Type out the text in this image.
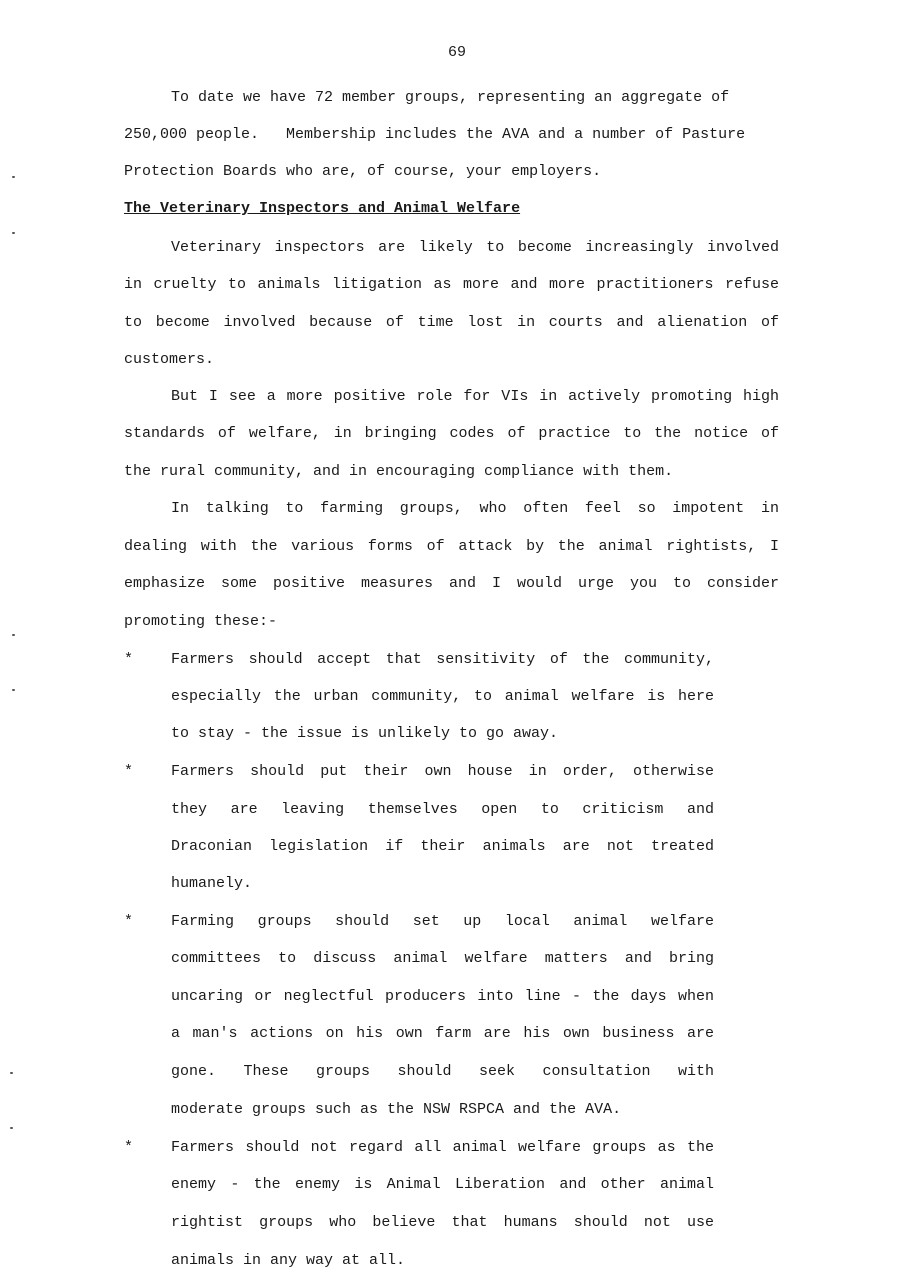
69
To date we have 72 member groups, representing an aggregate of
250,000 people.   Membership includes the AVA and a number of Pasture
Protection Boards who are, of course, your employers.
The Veterinary Inspectors and Animal Welfare
Veterinary inspectors are likely to become increasingly involved
in cruelty to animals litigation as more and more practitioners refuse
to become involved because of time lost in courts and alienation of
customers.
But I see a more positive role for VIs in actively promoting high
standards of welfare, in bringing codes of practice to the notice of
the rural community, and in encouraging compliance with them.
In talking to farming groups, who often feel so impotent in
dealing with the various forms of attack by the animal rightists, I
emphasize some positive measures and I would urge you to consider
promoting these:-
*	Farmers should accept that sensitivity of the community,
especially the urban community, to animal welfare is here
to stay - the issue is unlikely to go away.
*	Farmers should put their own house in order, otherwise
they are leaving themselves open to criticism and
Draconian legislation if their animals are not treated
humanely.
*	Farming groups should set up local animal welfare
committees to discuss animal welfare matters and bring
uncaring or neglectful producers into line - the days when
a man's actions on his own farm are his own business are
gone. These groups should seek consultation with
moderate groups such as the NSW RSPCA and the AVA.
*	Farmers should not regard all animal welfare groups as the
enemy - the enemy is Animal Liberation and other animal
rightist groups who believe that humans should not use
animals in any way at all.
